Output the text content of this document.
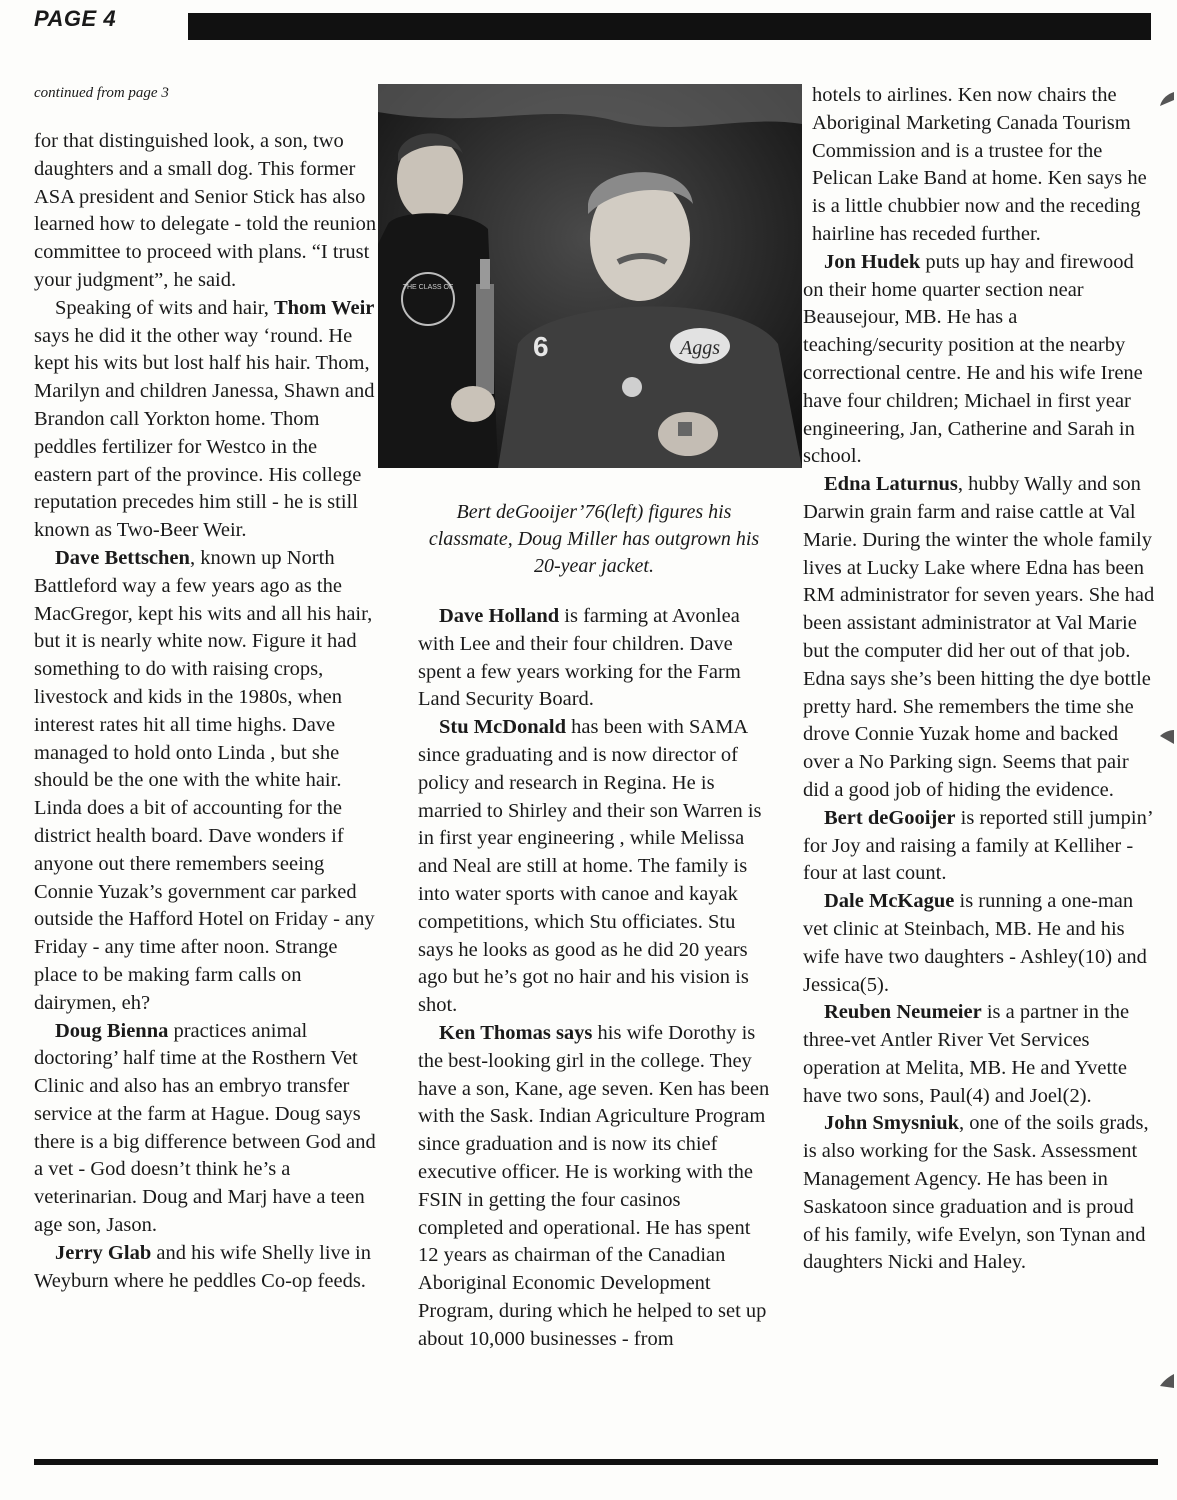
PAGE 4
continued from page 3

for that distinguished look, a son, two daughters and a small dog. This former ASA president and Senior Stick has also learned how to delegate - told the reunion committee to proceed with plans. “I trust your judgment”, he said.

Speaking of wits and hair, Thom Weir says he did it the other way ‘round. He kept his wits but lost half his hair. Thom, Marilyn and children Janessa, Shawn and Brandon call Yorkton home. Thom peddles fertilizer for Westco in the eastern part of the province. His college reputation precedes him still - he is still known as Two-Beer Weir.

Dave Bettschen, known up North Battleford way a few years ago as the MacGregor, kept his wits and all his hair, but it is nearly white now. Figure it had something to do with raising crops, livestock and kids in the 1980s, when interest rates hit all time highs. Dave managed to hold onto Linda , but she should be the one with the white hair. Linda does a bit of accounting for the district health board. Dave wonders if anyone out there remembers seeing Connie Yuzak’s government car parked outside the Hafford Hotel on Friday - any Friday - any time after noon. Strange place to be making farm calls on dairymen, eh?

Doug Bienna practices animal doctoring’ half time at the Rosthern Vet Clinic and also has an embryo transfer service at the farm at Hague. Doug says there is a big difference between God and a vet - God doesn’t think he’s a veterinarian. Doug and Marj have a teen age son, Jason.

Jerry Glab and his wife Shelly live in Weyburn where he peddles Co-op feeds.

THE CLASS OF
6	Aggs
Bert deGooijer’76(left) figures his classmate, Doug Miller has outgrown his 20-year jacket.

Dave Holland is farming at Avonlea with Lee and their four children. Dave spent a few years working for the Farm Land Security Board.

Stu McDonald has been with SAMA since graduating and is now director of policy and research in Regina. He is married to Shirley and their son Warren is in first year engineering , while Melissa and Neal are still at home. The family is into water sports with canoe and kayak competitions, which Stu officiates. Stu says he looks as good as he did 20 years ago but he’s got no hair and his vision is shot.

Ken Thomas says his wife Dorothy is the best-looking girl in the college. They have a son, Kane, age seven. Ken has been with the Sask. Indian Agriculture Program since graduation and is now its chief executive officer. He is working with the FSIN in getting the four casinos completed and operational. He has spent 12 years as chairman of the Canadian Aboriginal Economic Development Program, during which he helped to set up about 10,000 businesses - from

hotels to airlines. Ken now chairs the Aboriginal Marketing Canada Tourism Commission and is a trustee for the Pelican Lake Band at home. Ken says he is a little chubbier now and the receding hairline has receded further.

Jon Hudek puts up hay and firewood on their home quarter section near Beausejour, MB. He has a teaching/security position at the nearby correctional centre. He and his wife Irene have four children; Michael in first year engineering, Jan, Catherine and Sarah in school.

Edna Laturnus, hubby Wally and son Darwin grain farm and raise cattle at Val Marie. During the winter the whole family lives at Lucky Lake where Edna has been RM administrator for seven years. She had been assistant administrator at Val Marie but the computer did her out of that job. Edna says she’s been hitting the dye bottle pretty hard. She remembers the time she drove Connie Yuzak home and backed over a No Parking sign. Seems that pair did a good job of hiding the evidence.

Bert deGooijer is reported still jumpin’ for Joy and raising a family at Kelliher - four at last count.

Dale McKague is running a one-man vet clinic at Steinbach, MB. He and his wife have two daughters - Ashley(10) and Jessica(5).

Reuben Neumeier is a partner in the three-vet Antler River Vet Services operation at Melita, MB. He and Yvette have two sons, Paul(4) and Joel(2).

John Smysniuk, one of the soils grads, is also working for the Sask. Assessment Management Agency. He has been in Saskatoon since graduation and is proud of his family, wife Evelyn, son Tynan and daughters Nicki and Haley.
